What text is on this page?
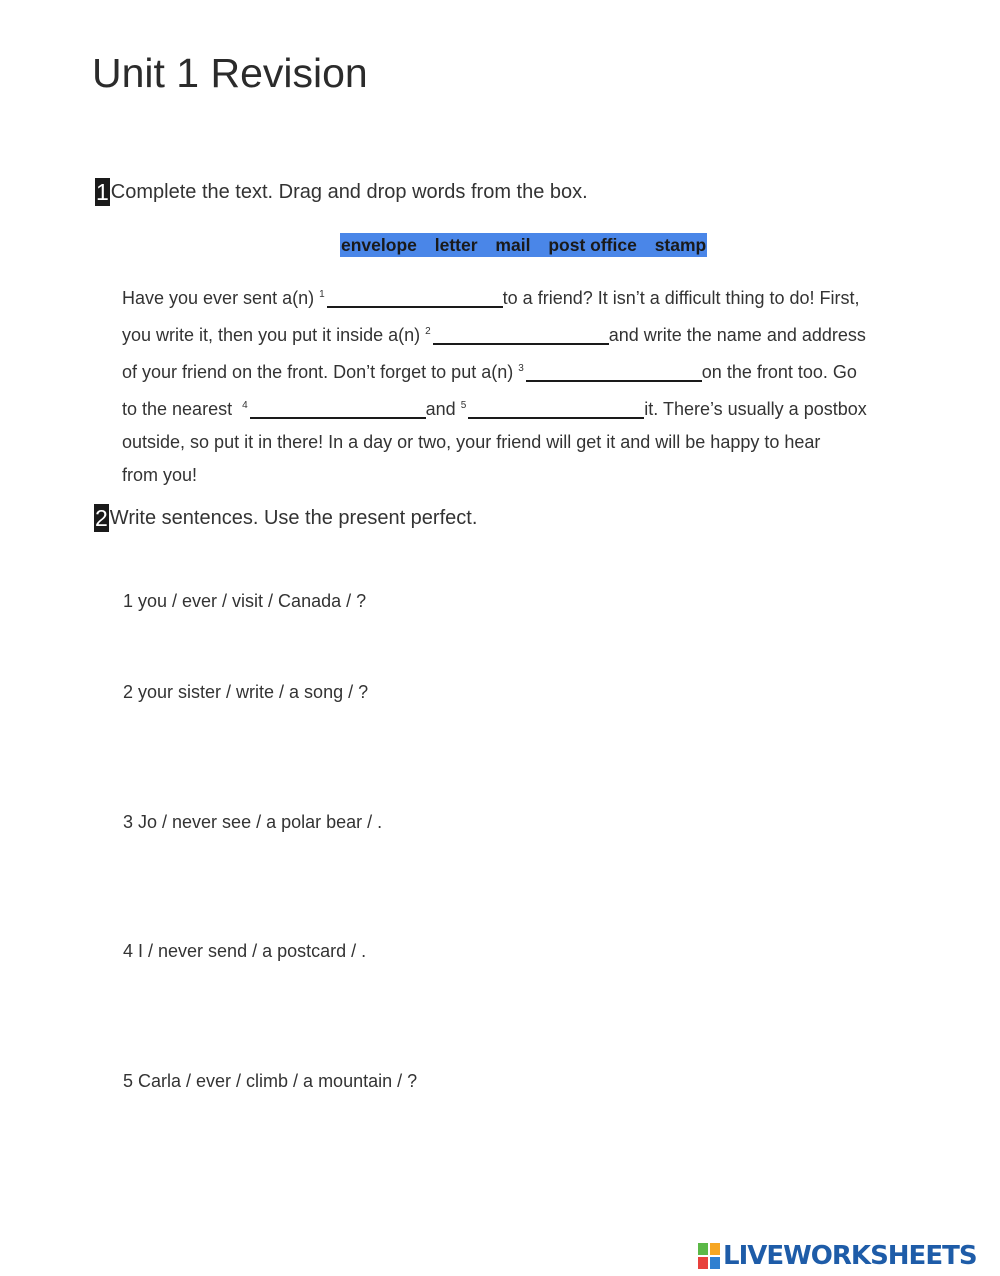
Unit 1 Revision
1 Complete the text. Drag and drop words from the box.
envelope letter mail post office stamp
Have you ever sent a(n) $^1$	to a friend? It isn’t a difficult thing to do! First,
you write it, then you put it inside a(n) $^2$	and write the name and address
of your friend on the front. Don’t forget to put a(n) $^3$	on the front too. Go
to the nearest $^4$	and $^5$	it. There’s usually a postbox
outside, so put it in there! In a day or two, your friend will get it and will be happy to hear
from you!
2 Write sentences. Use the present perfect.
1 you / ever / visit / Canada / ?
2 your sister / write / a song / ?
3 Jo / never see / a polar bear / .
4 I / never send / a postcard / .
5 Carla / ever / climb / a mountain / ?
LIVEWORKSHEETS
